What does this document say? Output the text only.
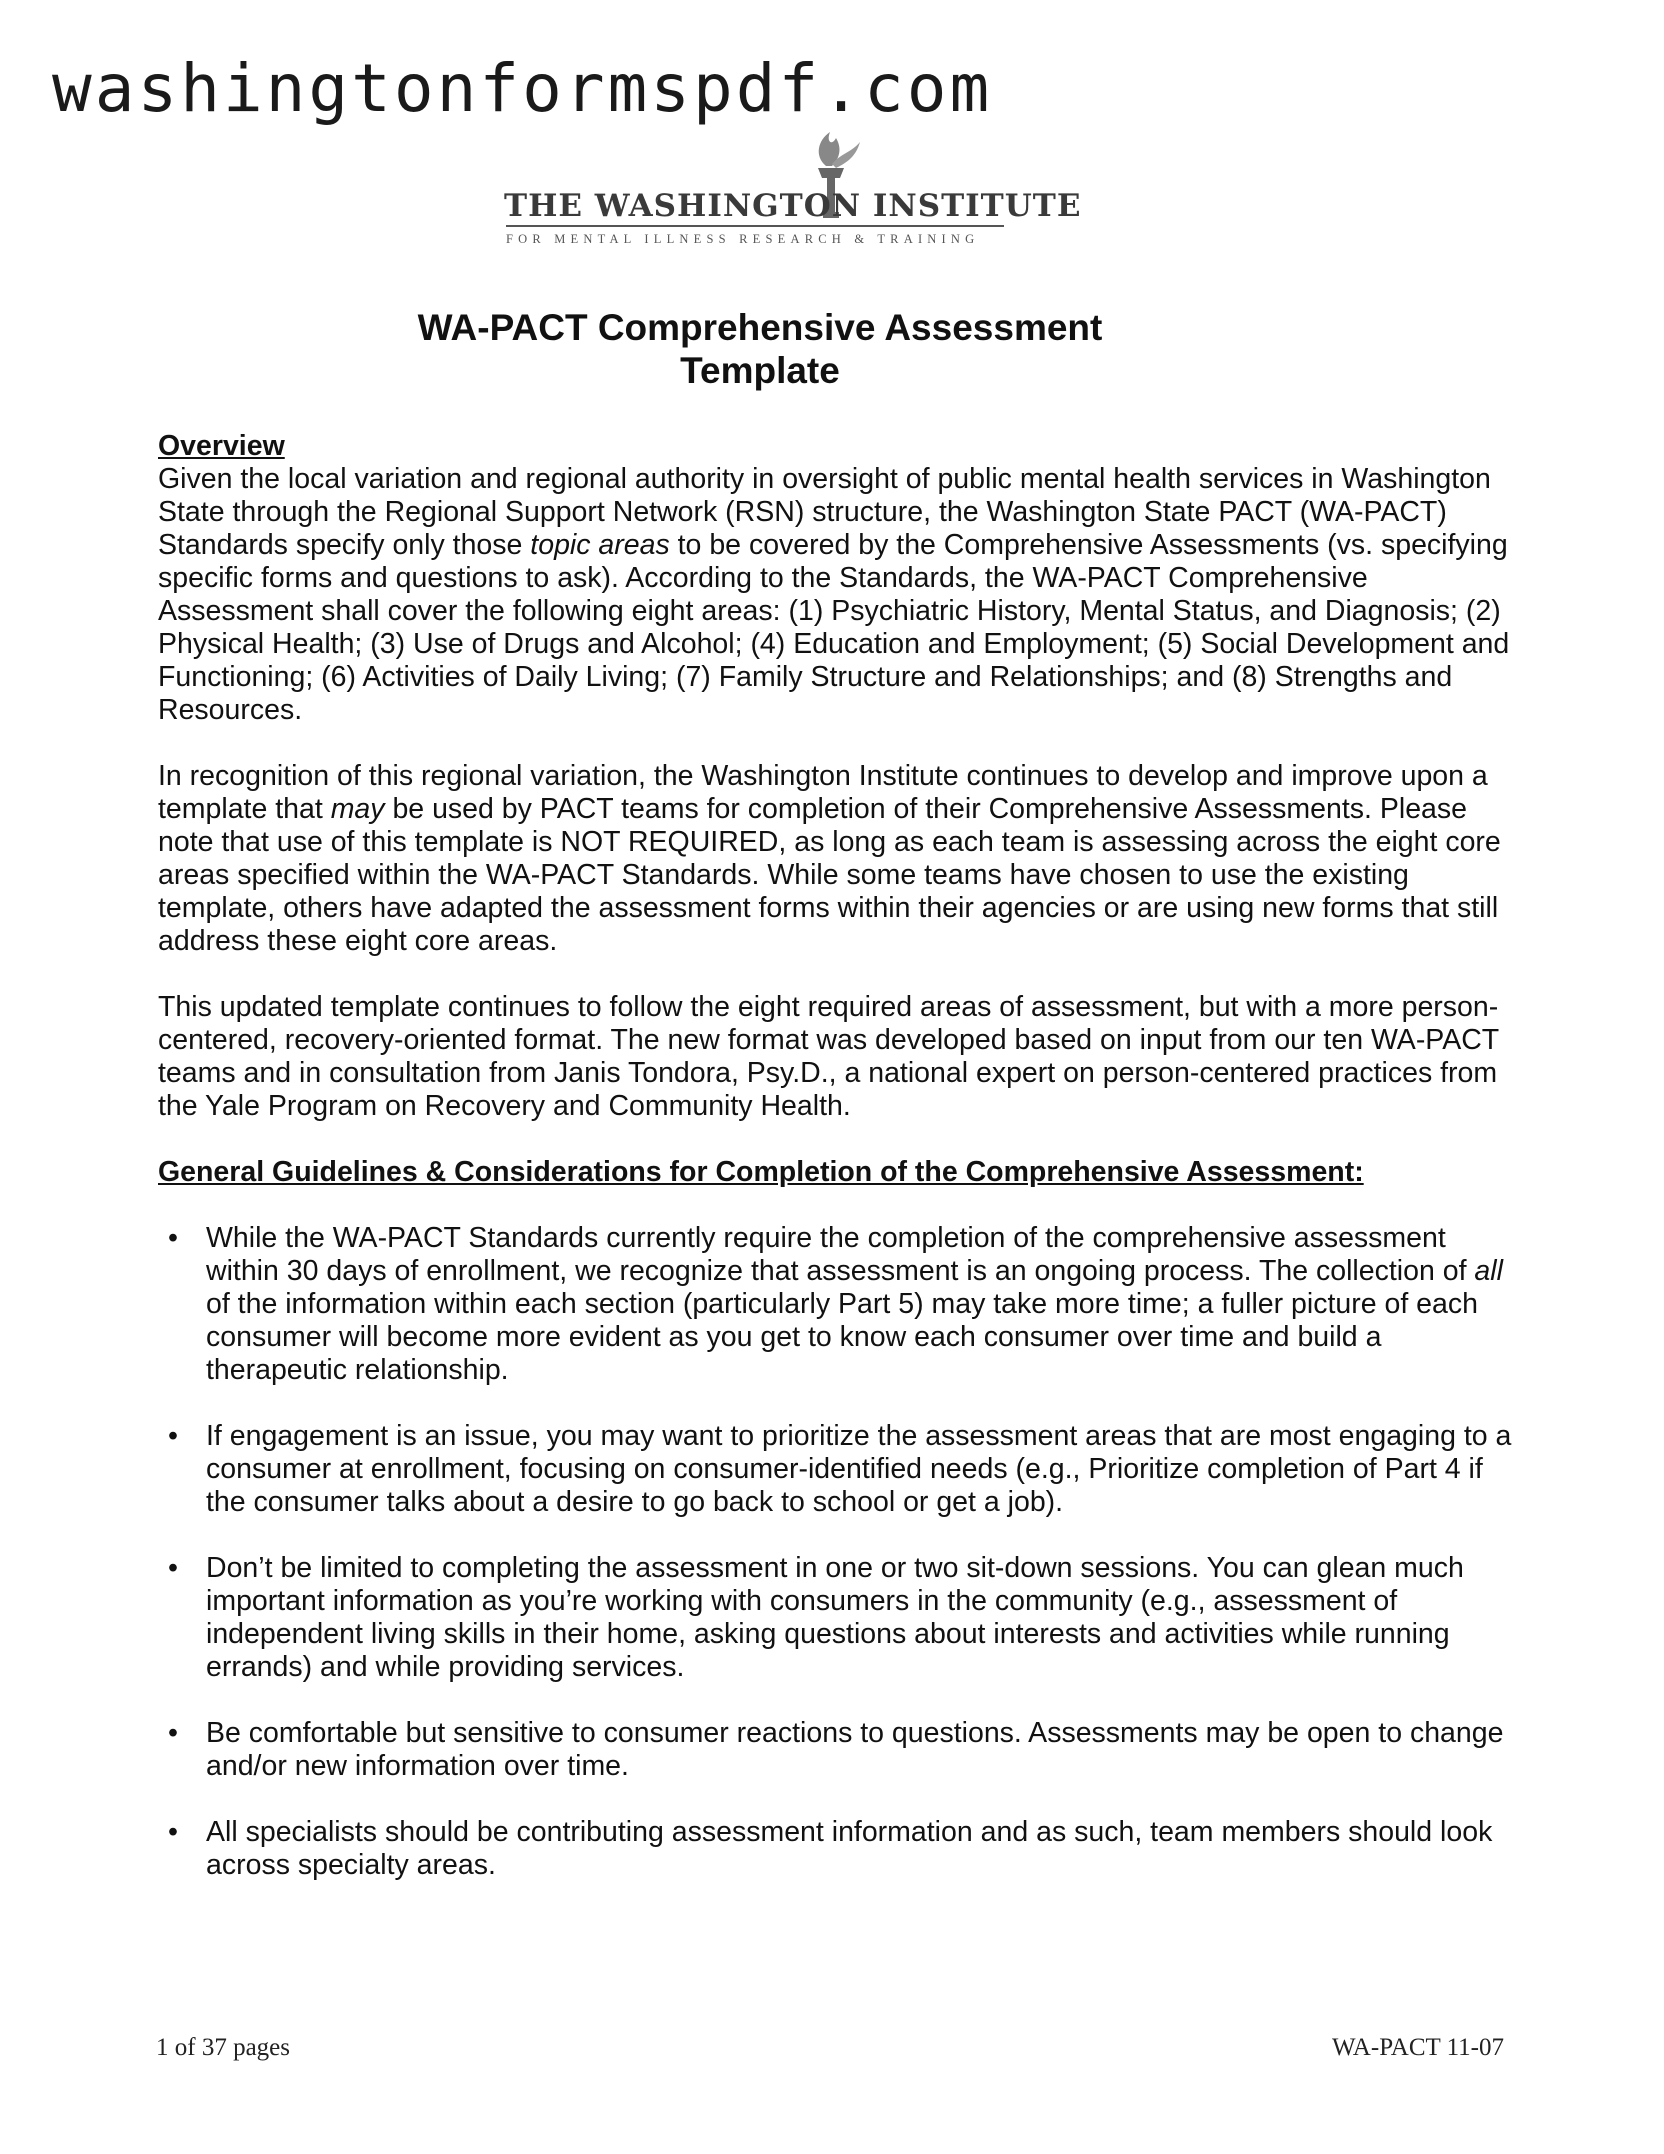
washingtonformspdf.com
THE WASHINGTON INSTITUTE
FOR MENTAL ILLNESS RESEARCH & TRAINING
WA-PACT Comprehensive Assessment
Template

Overview

Given the local variation and regional authority in oversight of public mental health services in Washington State through the Regional Support Network (RSN) structure, the Washington State PACT (WA-PACT) Standards specify only those topic areas to be covered by the Comprehensive Assessments (vs. specifying specific forms and questions to ask). According to the Standards, the WA-PACT Comprehensive Assessment shall cover the following eight areas: (1) Psychiatric History, Mental Status, and Diagnosis; (2) Physical Health; (3) Use of Drugs and Alcohol; (4) Education and Employment; (5) Social Development and Functioning; (6) Activities of Daily Living; (7) Family Structure and Relationships; and (8) Strengths and Resources.

In recognition of this regional variation, the Washington Institute continues to develop and improve upon a template that may be used by PACT teams for completion of their Comprehensive Assessments. Please note that use of this template is NOT REQUIRED, as long as each team is assessing across the eight core areas specified within the WA-PACT Standards. While some teams have chosen to use the existing template, others have adapted the assessment forms within their agencies or are using new forms that still address these eight core areas.

This updated template continues to follow the eight required areas of assessment, but with a more person-centered, recovery-oriented format. The new format was developed based on input from our ten WA-PACT teams and in consultation from Janis Tondora, Psy.D., a national expert on person-centered practices from the Yale Program on Recovery and Community Health.

General Guidelines & Considerations for Completion of the Comprehensive Assessment:

• While the WA-PACT Standards currently require the completion of the comprehensive assessment within 30 days of enrollment, we recognize that assessment is an ongoing process. The collection of all of the information within each section (particularly Part 5) may take more time; a fuller picture of each consumer will become more evident as you get to know each consumer over time and build a therapeutic relationship.
• If engagement is an issue, you may want to prioritize the assessment areas that are most engaging to a consumer at enrollment, focusing on consumer-identified needs (e.g., Prioritize completion of Part 4 if the consumer talks about a desire to go back to school or get a job).
• Don’t be limited to completing the assessment in one or two sit-down sessions. You can glean much important information as you’re working with consumers in the community (e.g., assessment of independent living skills in their home, asking questions about interests and activities while running errands) and while providing services.
• Be comfortable but sensitive to consumer reactions to questions. Assessments may be open to change and/or new information over time.
• All specialists should be contributing assessment information and as such, team members should look across specialty areas.
1 of 37 pages	WA-PACT 11-07
